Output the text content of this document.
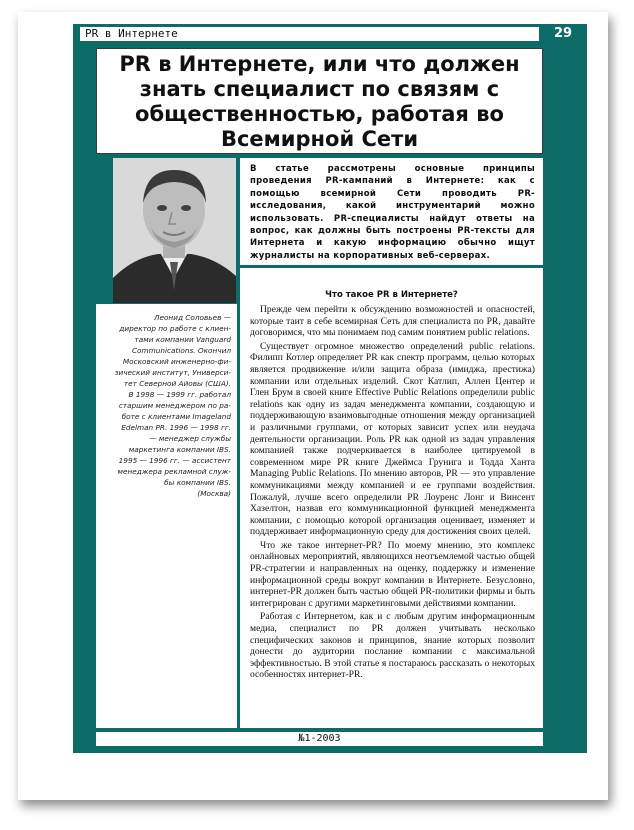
PR в Интернете	29
PR в Интернете, или что должен знать специалист по связям с общественностью, работая во Всемирной Сети

Леонид Соловьев —
директор по работе с клиен-
тами компании Vanguard
Communications. Окончил
Московский инженерно-фи-
зический институт, Универси-
тет Северной Айовы (США).
В 1998 — 1999 гг. работал
старшим менеджером по ра-
боте с клиентами Imageland
Edelman PR. 1996 — 1998 гг.
— менеджер службы
маркетинга компании IBS.
1995 — 1996 гг. — ассистент
менеджера рекламной служ-
бы компании IBS.
(Москва)

В статье рассмотрены основные принципы проведения PR-кампаний в Интернете: как с помощью всемирной Сети проводить PR-исследования, какой инструментарий можно использовать. PR-специалисты найдут ответы на вопрос, как должны быть построены PR-тексты для Интернета и какую информацию обычно ищут журналисты на корпоративных веб-серверах.

Что такое PR в Интернете?

Прежде чем перейти к обсуждению возможностей и опасностей, которые таит в себе всемирная Сеть для специалиста по PR, давайте договоримся, что мы понимаем под самим понятием public relations.

Существует огромное множество определений public relations. Филипп Котлер определяет PR как спектр программ, целью которых является продвижение и/или защита образа (имиджа, престижа) компании или отдельных изделий. Скот Катлип, Аллен Центер и Глен Брум в своей книге Effective Public Relations определили public relations как одну из задач менеджмента компании, создающую и поддерживающую взаимовыгодные отношения между организацией и различными группами, от которых зависит успех или неудача деятельности организации. Роль PR как одной из задач управления компанией также подчеркивается в наиболее цитируемой в современном мире PR книге Джеймса Грунига и Тодда Ханта Managing Public Relations. По мнению авторов, PR — это управление коммуникациями между компанией и ее группами воздействия. Пожалуй, лучше всего определили PR Лоуренс Лонг и Винсент Хазелтон, назвав его коммуникационной функцией менеджмента компании, с помощью которой организация оценивает, изменяет и поддерживает информационную среду для достижения своих целей.

Что же такое интернет-PR? По моему мнению, это комплекс онлайновых мероприятий, являющихся неотъемлемой частью общей PR-стратегии и направленных на оценку, поддержку и изменение информационной среды вокруг компании в Интернете. Безусловно, интернет-PR должен быть частью общей PR-политики фирмы и быть интегрирован с другими маркетинговыми действиями компании.

Работая с Интернетом, как и с любым другим информационным медиа, специалист по PR должен учитывать несколько специфических законов и принципов, знание которых позволит донести до аудитории послание компании с максимальной эффективностью. В этой статье я постараюсь рассказать о некоторых особенностях интернет-PR.

№1-2003
